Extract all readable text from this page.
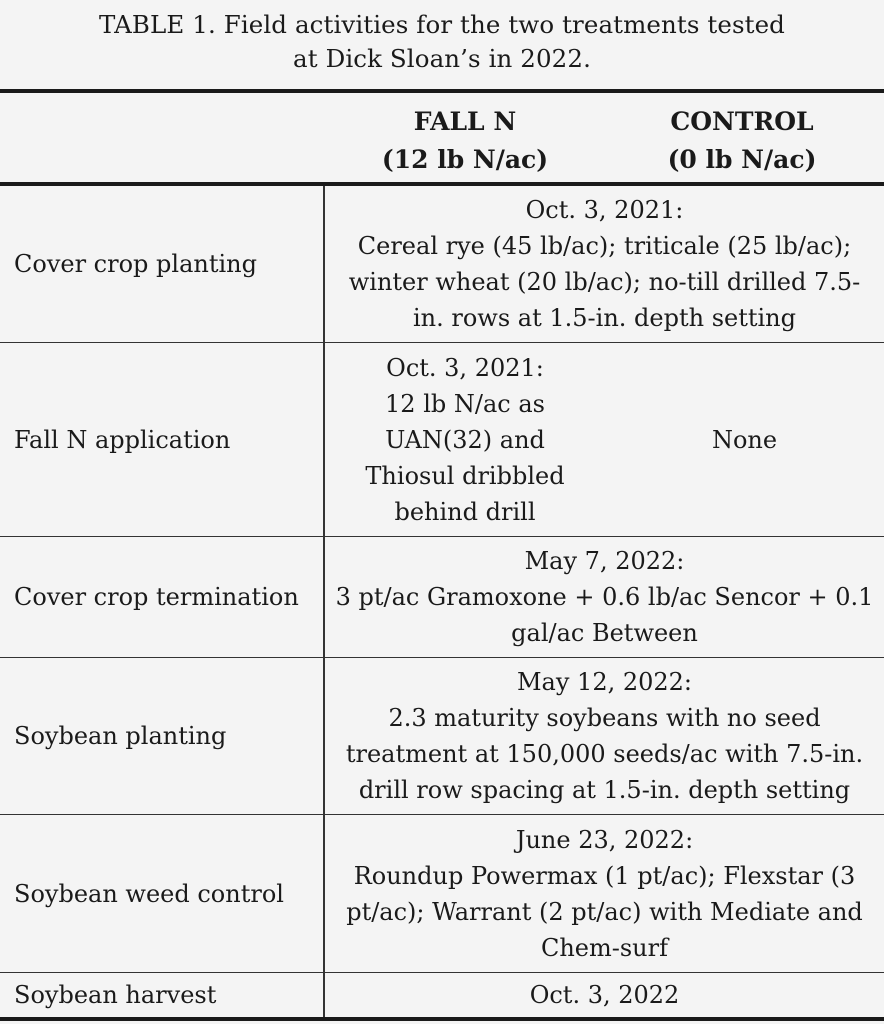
TABLE 1. Field activities for the two treatments tested
at Dick Sloan’s in 2022.
FALL N
(12 lb N/ac)
CONTROL
(0 lb N/ac)
Cover crop planting
Oct. 3, 2021:
Cereal rye (45 lb/ac); triticale (25 lb/ac);
winter wheat (20 lb/ac); no-till drilled 7.5-
in. rows at 1.5-in. depth setting
Fall N application
Oct. 3, 2021:
12 lb N/ac as
UAN(32) and
Thiosul dribbled
behind drill
None
Cover crop termination
May 7, 2022:
3 pt/ac Gramoxone + 0.6 lb/ac Sencor + 0.1
gal/ac Between
Soybean planting
May 12, 2022:
2.3 maturity soybeans with no seed
treatment at 150,000 seeds/ac with 7.5-in.
drill row spacing at 1.5-in. depth setting
Soybean weed control
June 23, 2022:
Roundup Powermax (1 pt/ac); Flexstar (3
pt/ac); Warrant (2 pt/ac) with Mediate and
Chem-surf
Soybean harvest	Oct. 3, 2022
